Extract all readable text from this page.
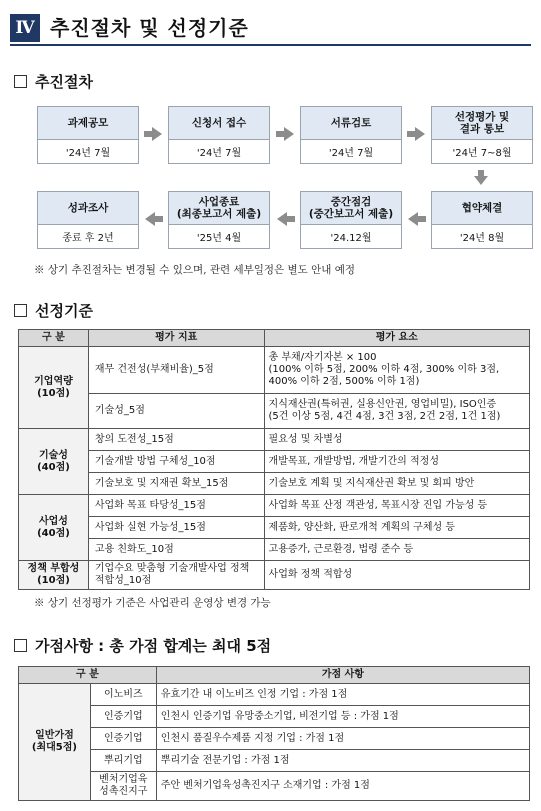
Ⅳ 추진절차 및 선정기준
추진절차
과제공모
'24년 7월
신청서 접수
'24년 7월
서류검토
'24년 7월
선정평가 및
결과 통보
'24년 7~8월
협약체결
'24년 8월
중간점검
(중간보고서 제출)
'24.12월
사업종료
(최종보고서 제출)
'25년 4월
성과조사
종료 후 2년
※ 상기 추진절차는 변경될 수 있으며, 관련 세부일정은 별도 안내 예정
선정기준
구 분	평가 지표	평가 요소
기업역량
(10점)	재무 건전성(부채비율)_5점	총 부채/자기자본 × 100
(100% 이하 5점, 200% 이하 4점, 300% 이하 3점, 400% 이하 2점, 500% 이하 1점)
	기술성_5점	지식재산권(특허권, 실용신안권, 영업비밀), ISO인증
(5건 이상 5점, 4건 4점, 3건 3점, 2건 2점, 1건 1점)
기술성
(40점)	창의 도전성_15점	필요성 및 차별성
	기술개발 방법 구체성_10점	개발목표, 개발방법, 개발기간의 적정성
	기술보호 및 지재권 확보_15점	기술보호 계획 및 지식재산권 확보 및 회피 방안
사업성
(40점)	사업화 목표 타당성_15점	사업화 목표 산정 객관성, 목표시장 진입 가능성 등
	사업화 실현 가능성_15점	제품화, 양산화, 판로개척 계획의 구체성 등
	고용 친화도_10점	고용증가, 근로환경, 법령 준수 등
정책 부합성
(10점)	기업수요 맞춤형 기술개발사업 정책 적합성_10점	사업화 정책 적합성
※ 상기 선정평가 기준은 사업관리 운영상 변경 가능
가점사항 : 총 가점 합계는 최대 5점
구 분		가점 사항
일반가점
(최대5점)	이노비즈	유효기간 내 이노비즈 인정 기업 : 가점 1점
	인증기업	인천시 인증기업 유망중소기업, 비전기업 등 : 가점 1점
	인증기업	인천시 품질우수제품 지정 기업 : 가점 1점
	뿌리기업	뿌리기술 전문기업 : 가점 1점
	벤처기업육
성촉진지구	주안 벤처기업육성촉진지구 소재기업 : 가점 1점
